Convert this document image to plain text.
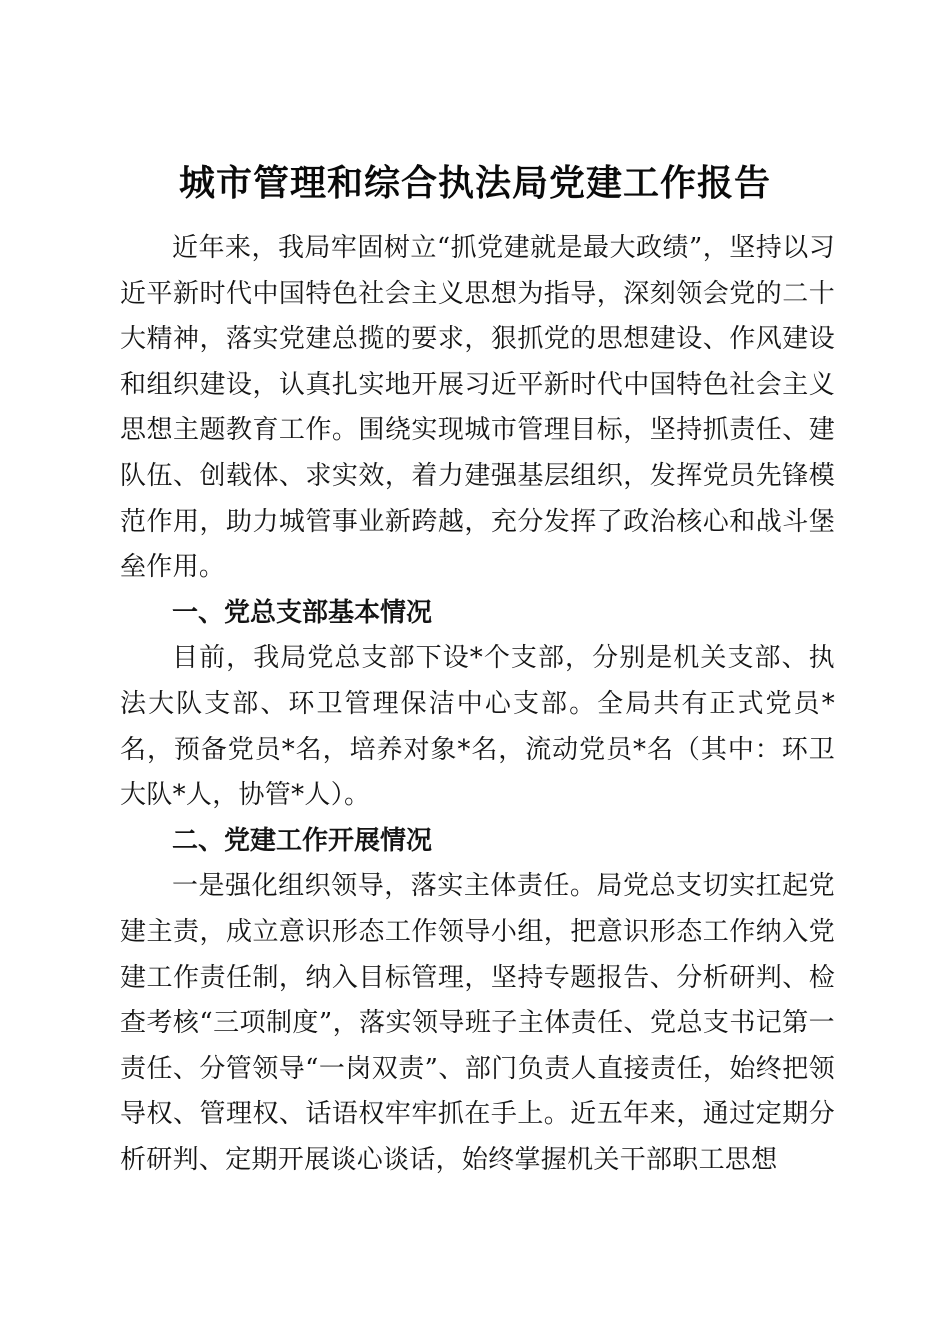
城市管理和综合执法局党建工作报告

近年来，我局牢固树立“抓党建就是最大政绩”，坚持以习近平新时代中国特色社会主义思想为指导，深刻领会党的二十大精神，落实党建总揽的要求，狠抓党的思想建设、作风建设和组织建设，认真扎实地开展习近平新时代中国特色社会主义思想主题教育工作。围绕实现城市管理目标，坚持抓责任、建队伍、创载体、求实效，着力建强基层组织，发挥党员先锋模范作用，助力城管事业新跨越，充分发挥了政治核心和战斗堡垒作用。

一、党总支部基本情况

目前，我局党总支部下设*个支部，分别是机关支部、执法大队支部、环卫管理保洁中心支部。全局共有正式党员*名，预备党员*名，培养对象*名，流动党员*名（其中：环卫大队*人，协管*人）。

二、党建工作开展情况

一是强化组织领导，落实主体责任。局党总支切实扛起党建主责，成立意识形态工作领导小组，把意识形态工作纳入党建工作责任制，纳入目标管理，坚持专题报告、分析研判、检查考核“三项制度”，落实领导班子主体责任、党总支书记第一责任、分管领导“一岗双责”、部门负责人直接责任，始终把领导权、管理权、话语权牢牢抓在手上。近五年来，通过定期分析研判、定期开展谈心谈话，始终掌握机关干部职工思想
